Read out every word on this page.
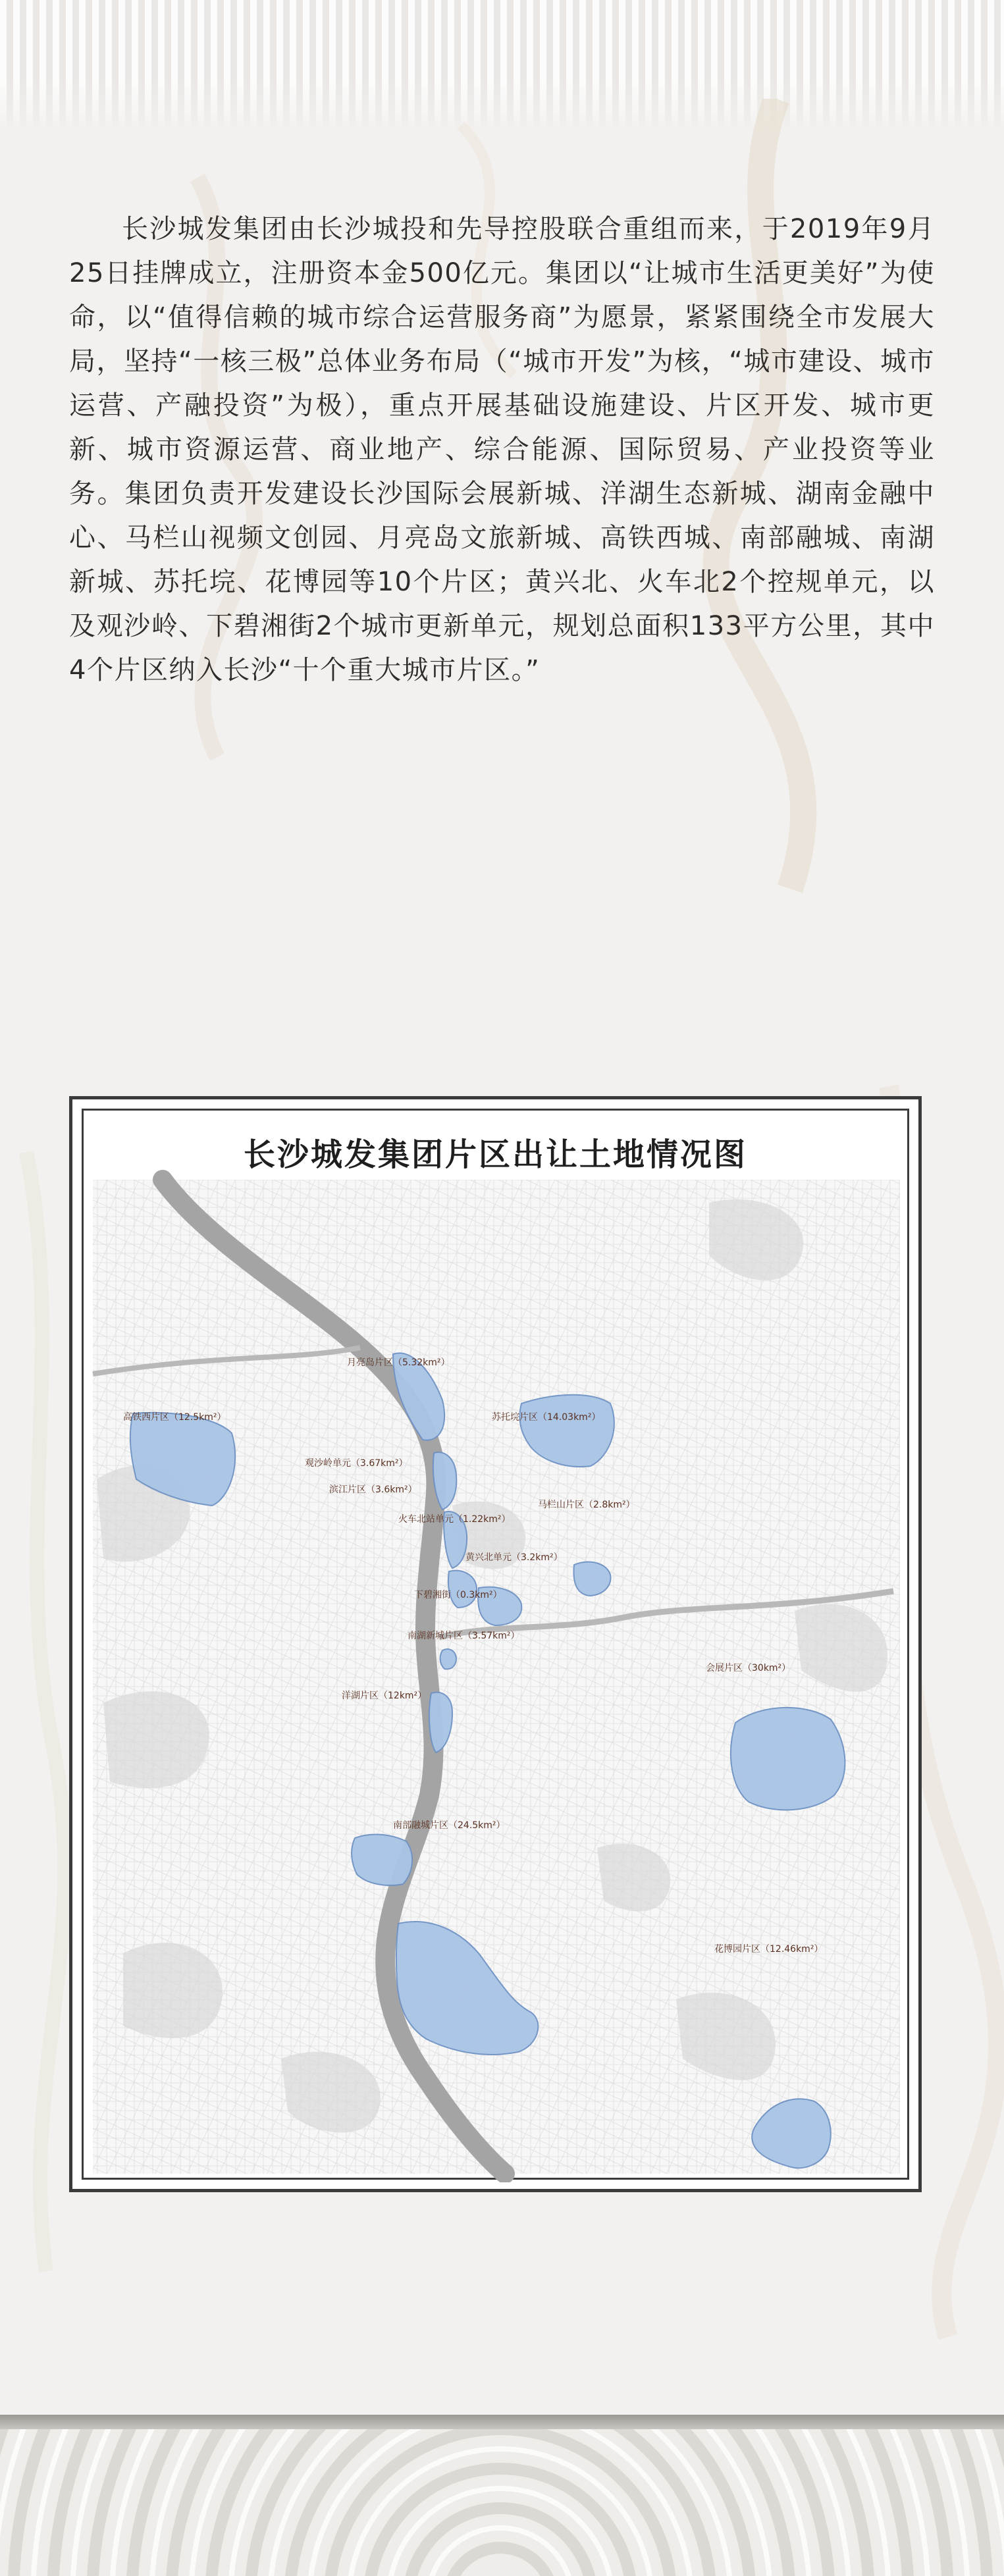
长沙城发集团由长沙城投和先导控股联合重组而来，于2019年9月25日挂牌成立，注册资本金500亿元。集团以“让城市生活更美好”为使命，以“值得信赖的城市综合运营服务商”为愿景，紧紧围绕全市发展大局，坚持“一核三极”总体业务布局（“城市开发”为核，“城市建设、城市运营、产融投资”为极），重点开展基础设施建设、片区开发、城市更新、城市资源运营、商业地产、综合能源、国际贸易、产业投资等业务。集团负责开发建设长沙国际会展新城、洋湖生态新城、湖南金融中心、马栏山视频文创园、月亮岛文旅新城、高铁西城、南部融城、南湖新城、苏托垸、花博园等10个片区；黄兴北、火车北2个控规单元，以及观沙岭、下碧湘街2个城市更新单元，规划总面积133平方公里，其中4个片区纳入长沙“十个重大城市片区。”

长沙城发集团片区出让土地情况图
月亮岛片区（5.32km²）
高铁西片区（12.5km²）	苏托垸片区（14.03km²）
观沙岭单元（3.67km²）
滨江片区（3.6km²）
马栏山片区（2.8km²）
火车北站单元（1.22km²）
黄兴北单元（3.2km²）
下碧湘街（0.3km²）
南湖新城片区（3.57km²）
会展片区（30km²）
洋湖片区（12km²）
南部融城片区（24.5km²）
花博园片区（12.46km²）
